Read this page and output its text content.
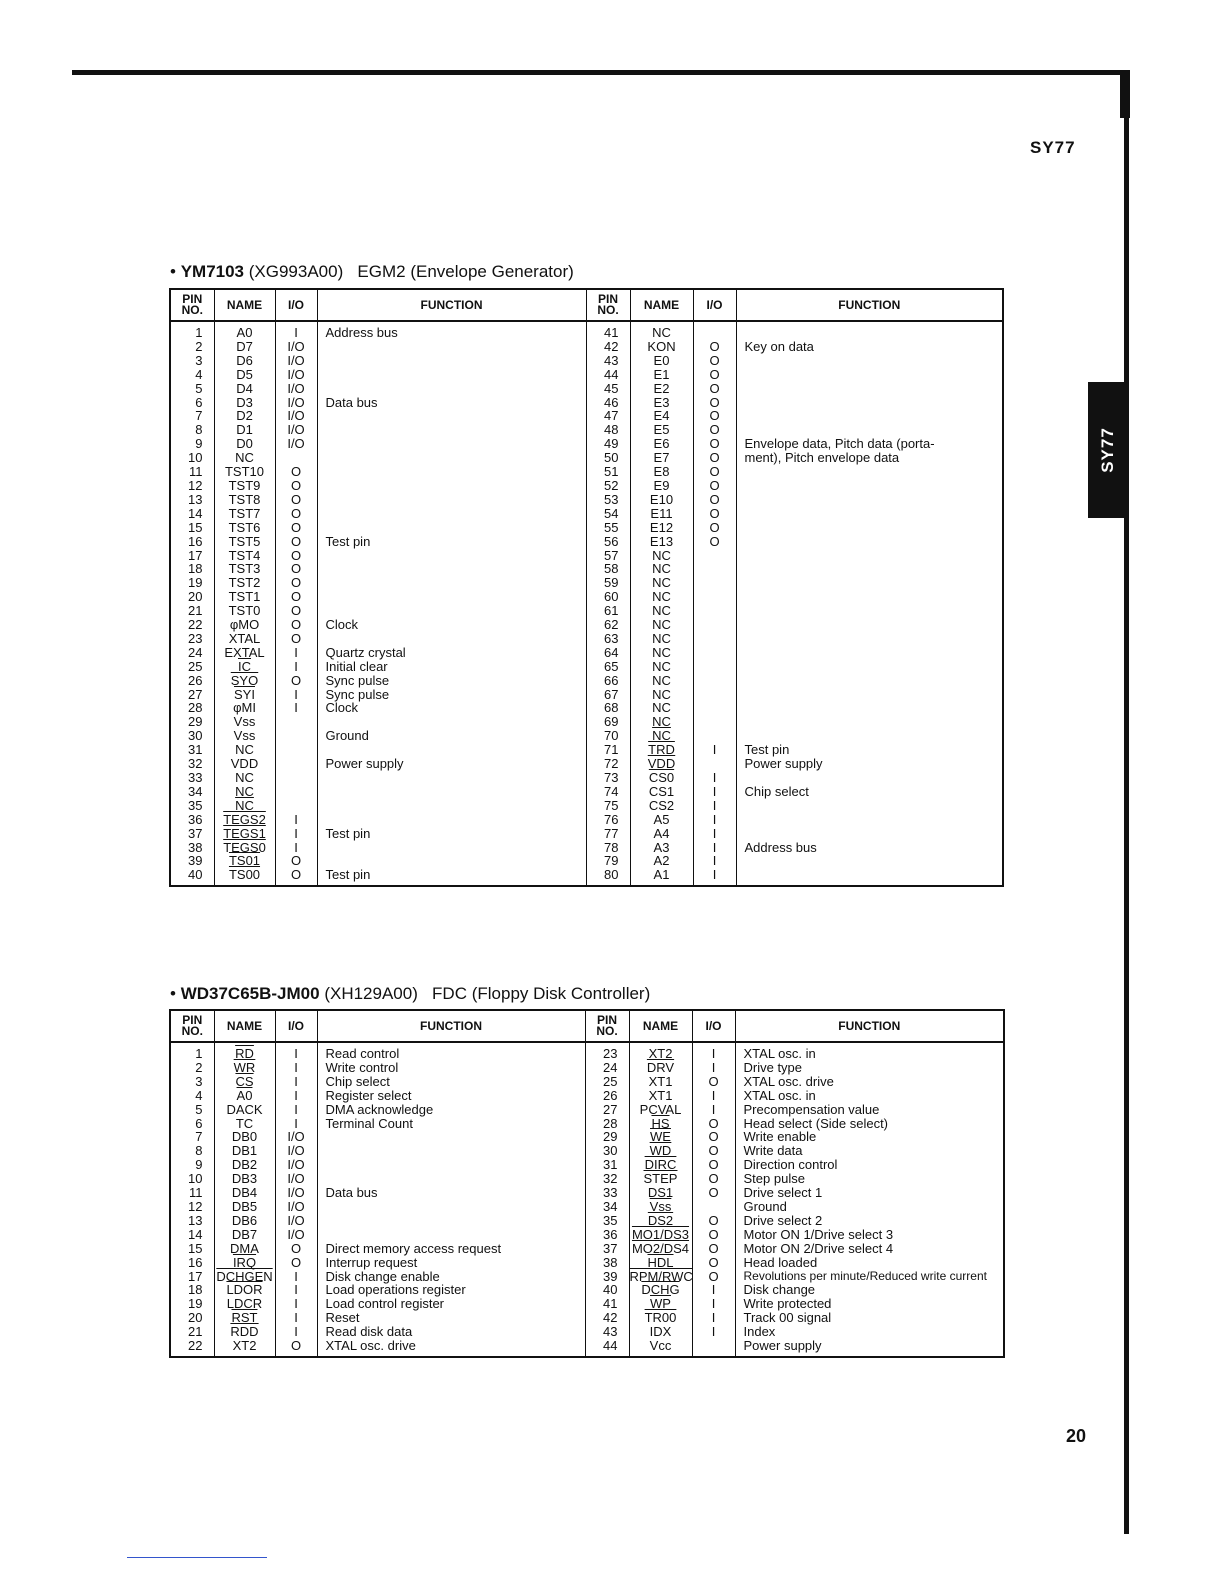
SY77
SY77
• YM7103 (XG993A00) EGM2 (Envelope Generator)
PIN NO.	NAME	I/O	FUNCTION	PIN NO.	NAME	I/O	FUNCTION
1	A0	I	Address bus	41	NC		
2	D7	I/O		42	KON	O	Key on data
3	D6	I/O		43	E0	O	
4	D5	I/O		44	E1	O	
5	D4	I/O		45	E2	O	
6	D3	I/O	Data bus	46	E3	O	
7	D2	I/O		47	E4	O	
8	D1	I/O		48	E5	O	
9	D0	I/O		49	E6	O	Envelope data, Pitch data (porta-
10	NC			50	E7	O	ment), Pitch envelope data
11	TST10	O		51	E8	O	
12	TST9	O		52	E9	O	
13	TST8	O		53	E10	O	
14	TST7	O		54	E11	O	
15	TST6	O		55	E12	O	
16	TST5	O	Test pin	56	E13	O	
17	TST4	O		57	NC		
18	TST3	O		58	NC		
19	TST2	O		59	NC		
20	TST1	O		60	NC		
21	TST0	O		61	NC		
22	φMO	O	Clock	62	NC		
23	XTAL	O		63	NC		
24	EXTAL	I	Quartz crystal	64	NC		
25	$\overline{IC}$	I	Initial clear	65	NC		
26	$\overline{SYO}$	O	Sync pulse	66	NC		
27	$\overline{SYI}$	I	Sync pulse	67	NC		
28	φMI	I	Clock	68	NC		
29	Vss			69	NC		
30	Vss		Ground	70	$\overline{NC}$		
31	NC			71	$\overline{TRD}$	I	Test pin
32	VDD		Power supply	72	$\overline{VDD}$		Power supply
33	NC			73	CS0	I	
34	NC			74	CS1	I	Chip select
35	$\overline{NC}$			75	CS2	I	
36	TEGS2	I		76	A5	I	
37	TEGS1	I	Test pin	77	A4	I	
38	TEGS0	I		78	A3	I	Address bus
39	TS01	O		79	A2	I	
40	TS00	O	Test pin	80	A1	I	

• WD37C65B-JM00 (XH129A00) FDC (Floppy Disk Controller)
PIN NO.	NAME	I/O	FUNCTION	PIN NO.	NAME	I/O	FUNCTION
1	$\overline{RD}$	I	Read control	23	XT2	I	XTAL osc. in
2	$\overline{WR}$	I	Write control	24	$\overline{DRV}$	I	Drive type
3	$\overline{CS}$	I	Chip select	25	XT1	O	XTAL osc. drive
4	A0	I	Register select	26	XT1	I	XTAL osc. in
5	DACK	I	DMA acknowledge	27	PCVAL	I	Precompensation value
6	TC	I	Terminal Count	28	$\overline{HS}$	O	Head select (Side select)
7	DB0	I/O		29	$\overline{WE}$	O	Write enable
8	DB1	I/O		30	$\overline{WD}$	O	Write data
9	DB2	I/O		31	DIRC	O	Direction control
10	DB3	I/O		32	STEP	O	Step pulse
11	DB4	I/O	Data bus	33	DS1	O	Drive select 1
12	DB5	I/O		34	$\overline{Vss}$		Ground
13	DB6	I/O		35	DS2	O	Drive select 2
14	DB7	I/O		36	MO1/DS3	O	Motor ON 1/Drive select 3
15	DMA	O	Direct memory access request	37	MO2/DS4	O	Motor ON 2/Drive select 4
16	$\overline{IRQ}$	O	Interrup request	38	$\overline{HDL}$	O	Head loaded
17	DCHGEN	I	Disk change enable	39	RPM/RWC	O	Revolutions per minute/Reduced write current
18	LDOR	I	Load operations register	40	DCHG	I	Disk change
19	LDCR	I	Load control register	41	$\overline{WP}$	I	Write protected
20	$\overline{RST}$	I	Reset	42	TR00	I	Track 00 signal
21	$\overline{RDD}$	I	Read disk data	43	IDX	I	Index
22	XT2	O	XTAL osc. drive	44	Vcc		Power supply

20
